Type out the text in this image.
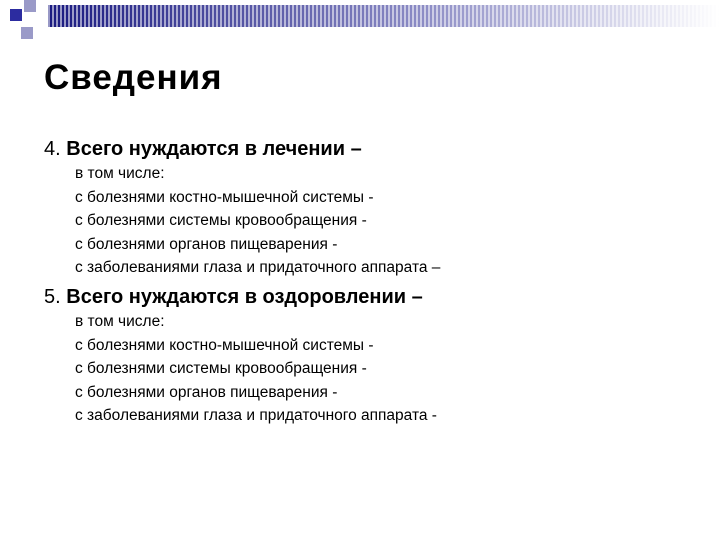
Сведения
4. Всего нуждаются в лечении –
в том числе:
с болезнями костно-мышечной системы -
с болезнями системы кровообращения -
с болезнями органов пищеварения -
с заболеваниями глаза и придаточного аппарата –
5. Всего нуждаются в оздоровлении –
в том числе:
с болезнями костно-мышечной системы -
с болезнями системы кровообращения -
с болезнями органов пищеварения -
с заболеваниями глаза и придаточного аппарата -
